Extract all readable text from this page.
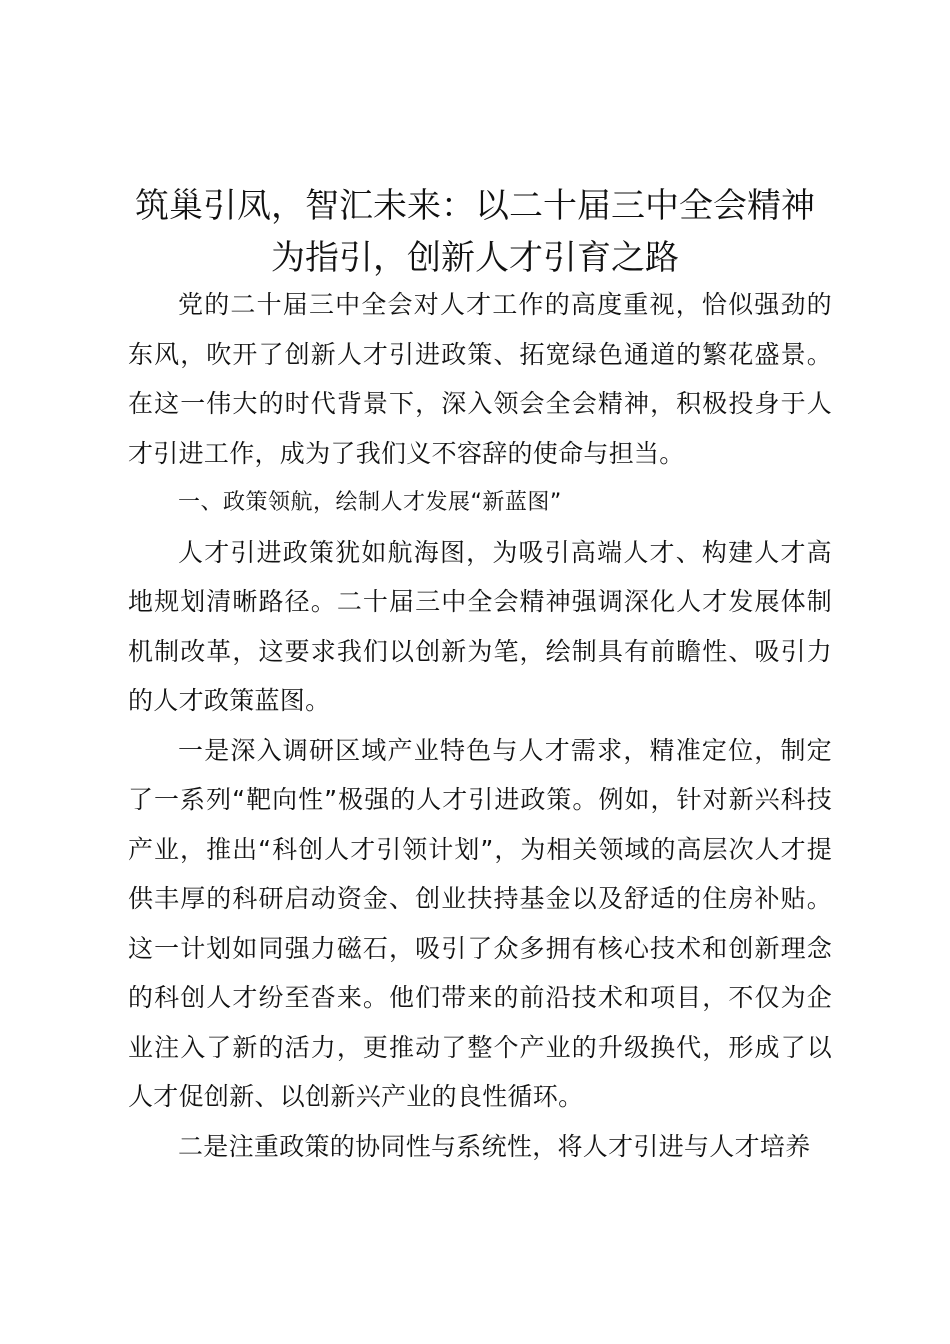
筑巢引凤，智汇未来：以二十届三中全会精神
为指引，创新人才引育之路

党的二十届三中全会对人才工作的高度重视，恰似强劲的东风，吹开了创新人才引进政策、拓宽绿色通道的繁花盛景。在这一伟大的时代背景下，深入领会全会精神，积极投身于人才引进工作，成为了我们义不容辞的使命与担当。

一、政策领航，绘制人才发展“新蓝图”

人才引进政策犹如航海图，为吸引高端人才、构建人才高地规划清晰路径。二十届三中全会精神强调深化人才发展体制机制改革，这要求我们以创新为笔，绘制具有前瞻性、吸引力的人才政策蓝图。

一是深入调研区域产业特色与人才需求，精准定位，制定了一系列“靶向性”极强的人才引进政策。例如，针对新兴科技产业，推出“科创人才引领计划”，为相关领域的高层次人才提供丰厚的科研启动资金、创业扶持基金以及舒适的住房补贴。这一计划如同强力磁石，吸引了众多拥有核心技术和创新理念的科创人才纷至沓来。他们带来的前沿技术和项目，不仅为企业注入了新的活力，更推动了整个产业的升级换代，形成了以人才促创新、以创新兴产业的良性循环。

二是注重政策的协同性与系统性，将人才引进与人才培养
